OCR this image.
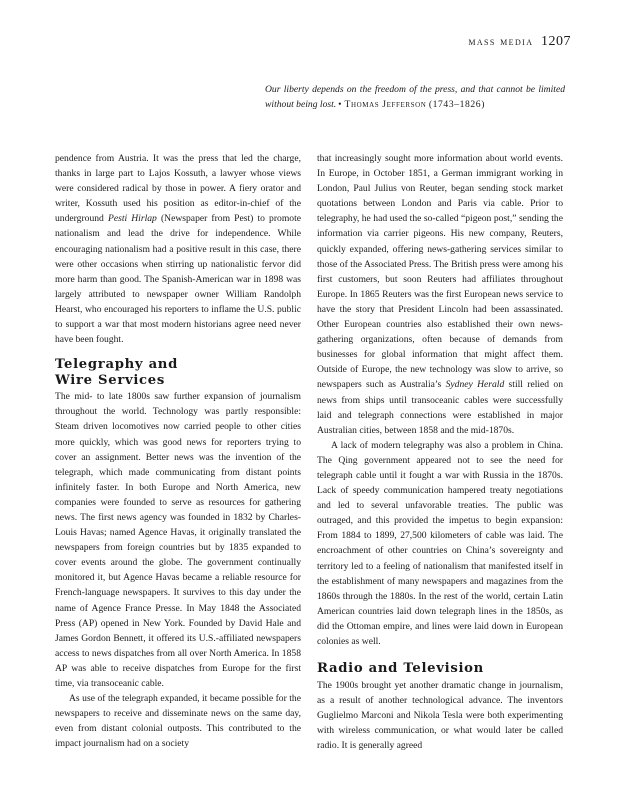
mass media 1207
Our liberty depends on the freedom of the press, and that cannot be limited without being lost. • Thomas Jefferson (1743–1826)

pendence from Austria. It was the press that led the charge, thanks in large part to Lajos Kossuth, a lawyer whose views were considered radical by those in power. A fiery orator and writer, Kossuth used his position as editor-in-chief of the underground Pesti Hirlap (Newspaper from Pest) to promote nationalism and lead the drive for independence. While encouraging nationalism had a positive result in this case, there were other occasions when stirring up nationalistic fervor did more harm than good. The Spanish-American war in 1898 was largely attributed to newspaper owner William Randolph Hearst, who encouraged his reporters to inflame the U.S. public to support a war that most modern historians agree need never have been fought.

Telegraphy and
Wire Services

The mid- to late 1800s saw further expansion of journalism throughout the world. Technology was partly responsible: Steam driven locomotives now carried people to other cities more quickly, which was good news for reporters trying to cover an assignment. Better news was the invention of the telegraph, which made communicating from distant points infinitely faster. In both Europe and North America, new companies were founded to serve as resources for gathering news. The first news agency was founded in 1832 by Charles-Louis Havas; named Agence Havas, it originally translated the newspapers from foreign countries but by 1835 expanded to cover events around the globe. The government continually monitored it, but Agence Havas became a reliable resource for French-language newspapers. It survives to this day under the name of Agence France Presse. In May 1848 the Associated Press (AP) opened in New York. Founded by David Hale and James Gordon Bennett, it offered its U.S.-affiliated newspapers access to news dispatches from all over North America. In 1858 AP was able to receive dispatches from Europe for the first time, via transoceanic cable.

As use of the telegraph expanded, it became possible for the newspapers to receive and disseminate news on the same day, even from distant colonial outposts. This contributed to the impact journalism had on a society

that increasingly sought more information about world events. In Europe, in October 1851, a German immigrant working in London, Paul Julius von Reuter, began sending stock market quotations between London and Paris via cable. Prior to telegraphy, he had used the so-called “pigeon post,” sending the information via carrier pigeons. His new company, Reuters, quickly expanded, offering news-gathering services similar to those of the Associated Press. The British press were among his first customers, but soon Reuters had affiliates throughout Europe. In 1865 Reuters was the first European news service to have the story that President Lincoln had been assassinated. Other European countries also established their own news-gathering organizations, often because of demands from businesses for global information that might affect them. Outside of Europe, the new technology was slow to arrive, so newspapers such as Australia’s Sydney Herald still relied on news from ships until transoceanic cables were successfully laid and telegraph connections were established in major Australian cities, between 1858 and the mid-1870s.

A lack of modern telegraphy was also a problem in China. The Qing government appeared not to see the need for telegraph cable until it fought a war with Russia in the 1870s. Lack of speedy communication hampered treaty negotiations and led to several unfavorable treaties. The public was outraged, and this provided the impetus to begin expansion: From 1884 to 1899, 27,500 kilometers of cable was laid. The encroachment of other countries on China’s sovereignty and territory led to a feeling of nationalism that manifested itself in the establishment of many newspapers and magazines from the 1860s through the 1880s. In the rest of the world, certain Latin American countries laid down telegraph lines in the 1850s, as did the Ottoman empire, and lines were laid down in European colonies as well.

Radio and Television

The 1900s brought yet another dramatic change in journalism, as a result of another technological advance. The inventors Guglielmo Marconi and Nikola Tesla were both experimenting with wireless communication, or what would later be called radio. It is generally agreed
